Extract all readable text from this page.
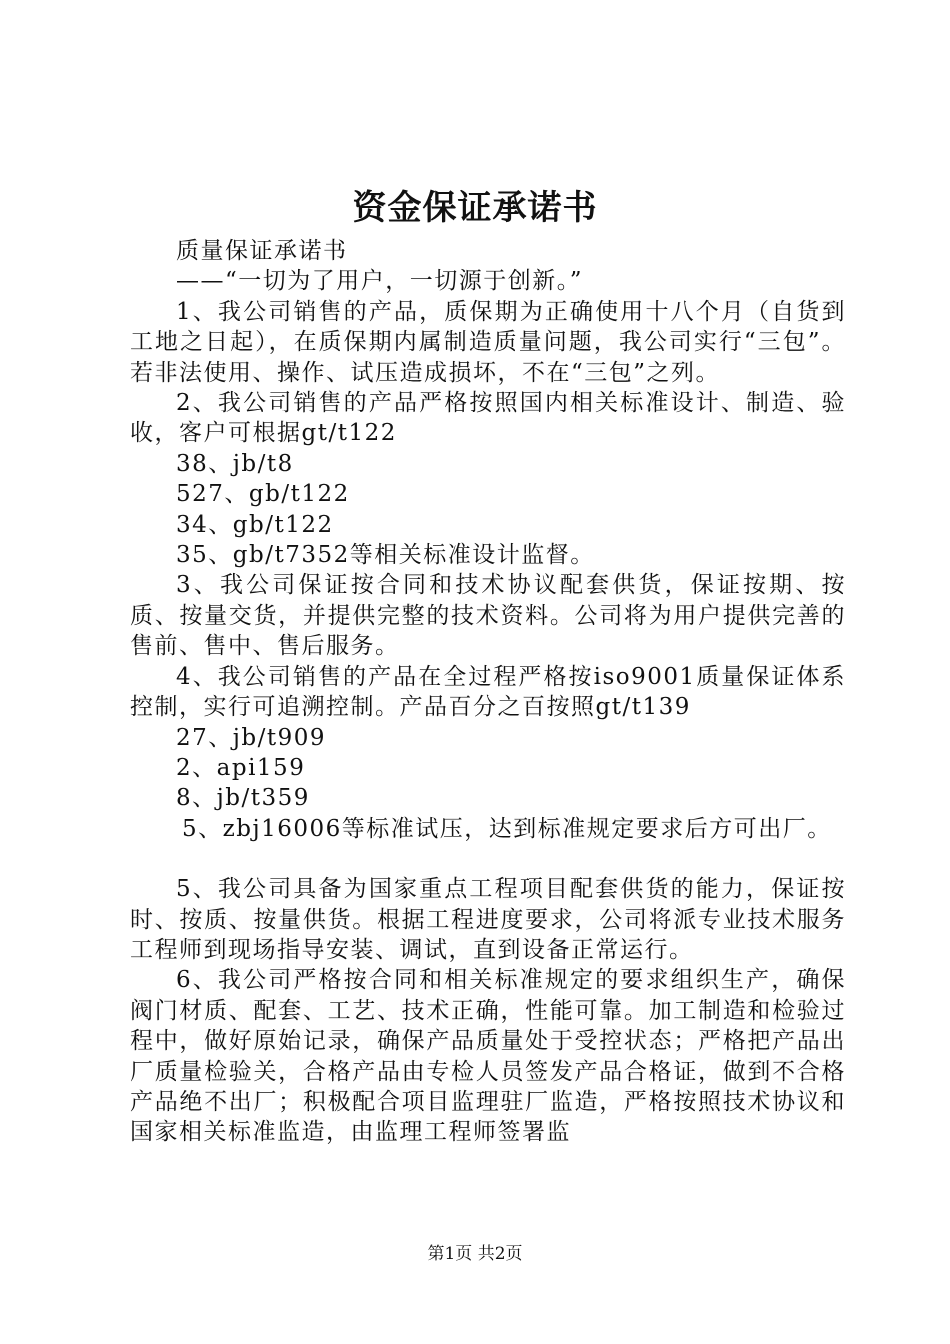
资金保证承诺书

质量保证承诺书

——“一切为了用户，一切源于创新。”

1、我公司销售的产品，质保期为正确使用十八个月（自货到工地之日起），在质保期内属制造质量问题，我公司实行“三包”。若非法使用、操作、试压造成损坏，不在“三包”之列。

2、我公司销售的产品严格按照国内相关标准设计、制造、验收，客户可根据gt/t122

38、jb/t8

527、gb/t122

34、gb/t122

35、gb/t7352等相关标准设计监督。

3、我公司保证按合同和技术协议配套供货，保证按期、按质、按量交货，并提供完整的技术资料。公司将为用户提供完善的售前、售中、售后服务。

4、我公司销售的产品在全过程严格按iso9001质量保证体系控制，实行可追溯控制。产品百分之百按照gt/t139

27、jb/t909

2、api159

8、jb/t359

5、zbj16006等标准试压，达到标准规定要求后方可出厂。

5、我公司具备为国家重点工程项目配套供货的能力，保证按时、按质、按量供货。根据工程进度要求，公司将派专业技术服务工程师到现场指导安装、调试，直到设备正常运行。

6、我公司严格按合同和相关标准规定的要求组织生产，确保阀门材质、配套、工艺、技术正确，性能可靠。加工制造和检验过程中，做好原始记录，确保产品质量处于受控状态；严格把产品出厂质量检验关，合格产品由专检人员签发产品合格证，做到不合格产品绝不出厂；积极配合项目监理驻厂监造，严格按照技术协议和国家相关标准监造，由监理工程师签署监

第1页 共2页
